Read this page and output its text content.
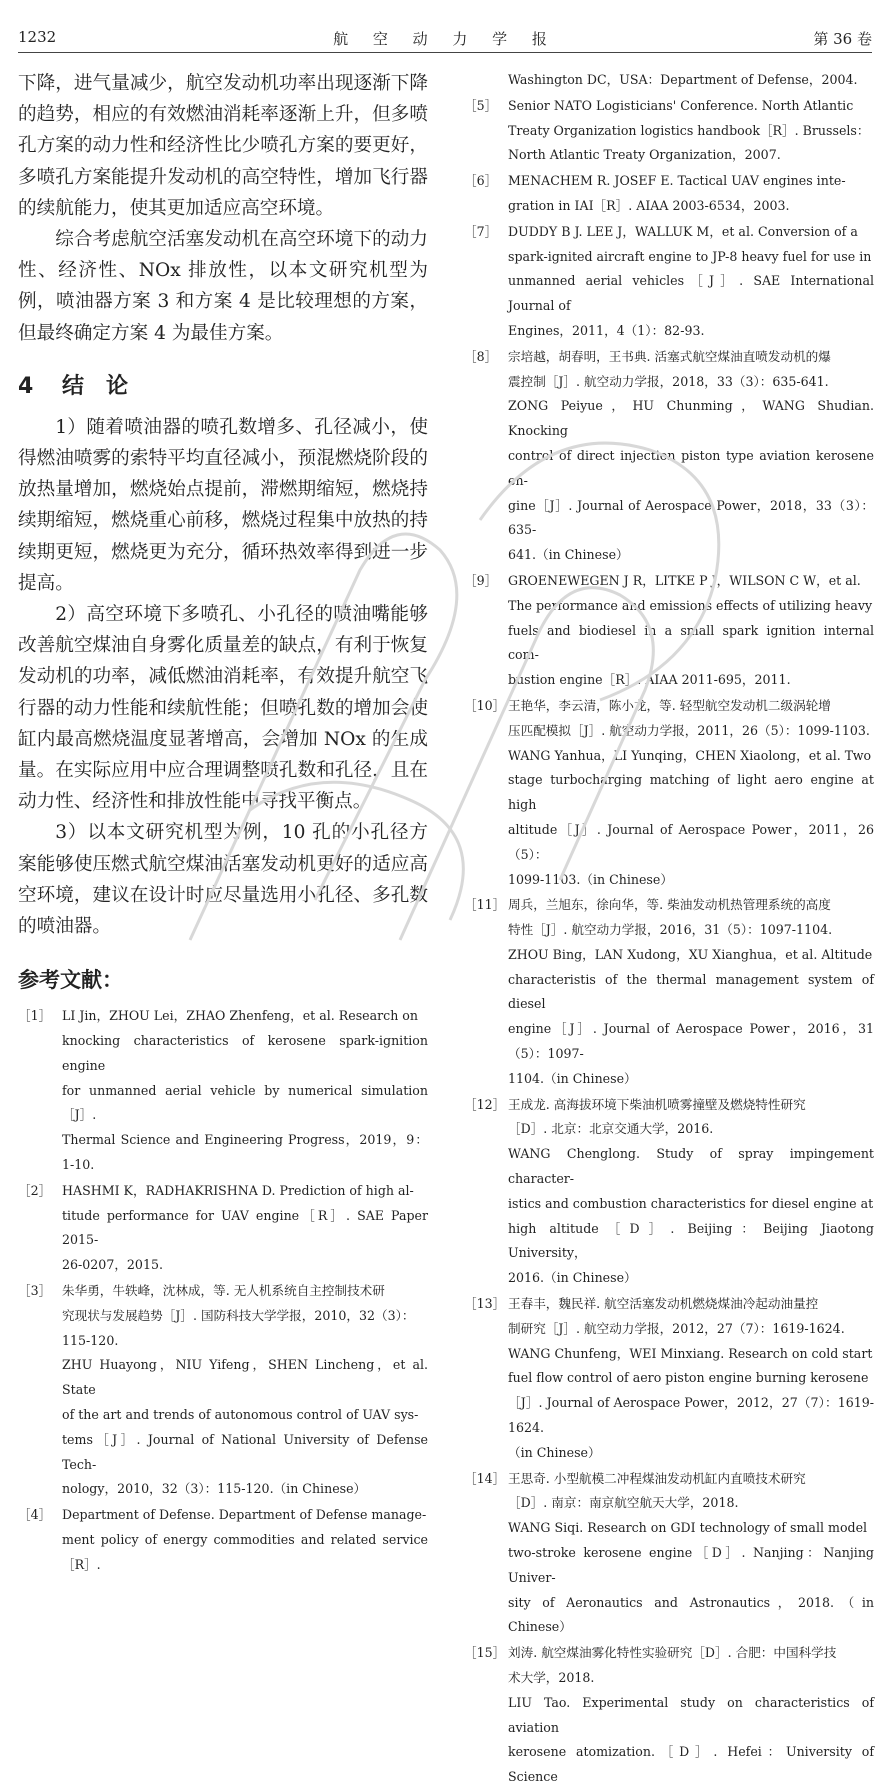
1232	航 空 动 力 学 报	第 36 卷

下降，进气量减少，航空发动机功率出现逐渐下降的趋势，相应的有效燃油消耗率逐渐上升，但多喷孔方案的动力性和经济性比少喷孔方案的要更好，多喷孔方案能提升发动机的高空特性，增加飞行器的续航能力，使其更加适应高空环境。

综合考虑航空活塞发动机在高空环境下的动力性、经济性、NOx 排放性，以本文研究机型为例，喷油器方案 3 和方案 4 是比较理想的方案，但最终确定方案 4 为最佳方案。

4 结　论

1）随着喷油器的喷孔数增多、孔径减小，使得燃油喷雾的索特平均直径减小，预混燃烧阶段的放热量增加，燃烧始点提前，滞燃期缩短，燃烧持续期缩短，燃烧重心前移，燃烧过程集中放热的持续期更短，燃烧更为充分，循环热效率得到进一步提高。

2）高空环境下多喷孔、小孔径的喷油嘴能够改善航空煤油自身雾化质量差的缺点，有利于恢复发动机的功率，减低燃油消耗率，有效提升航空飞行器的动力性能和续航性能；但喷孔数的增加会使缸内最高燃烧温度显著增高，会增加 NOx 的生成量。在实际应用中应合理调整喷孔数和孔径，且在动力性、经济性和排放性能中寻找平衡点。

3）以本文研究机型为例，10 孔的小孔径方案能够使压燃式航空煤油活塞发动机更好的适应高空环境，建议在设计时应尽量选用小孔径、多孔数的喷油器。

参考文献：

［1］ LI Jin，ZHOU Lei，ZHAO Zhenfeng，et al. Research on
knocking characteristics of kerosene spark-ignition engine
for unmanned aerial vehicle by numerical simulation［J］.
Thermal Science and Engineering Progress，2019，9：1-10.

［2］ HASHMI K，RADHAKRISHNA D. Prediction of high al-
titude performance for UAV engine［R］. SAE Paper 2015-
26-0207，2015.

［3］ 朱华勇，牛轶峰，沈林成，等. 无人机系统自主控制技术研
究现状与发展趋势［J］. 国防科技大学学报，2010，32（3）：
115-120.
ZHU Huayong，NIU Yifeng，SHEN Lincheng，et al. State
of the art and trends of autonomous control of UAV sys-
tems［J］. Journal of National University of Defense Tech-
nology，2010，32（3）：115-120.（in Chinese）

［4］ Department of Defense. Department of Defense manage-
ment policy of energy commodities and related service［R］.

Washington DC，USA：Department of Defense，2004.

［5］ Senior NATO Logisticians' Conference. North Atlantic
Treaty Organization logistics handbook［R］. Brussels：
North Atlantic Treaty Organization，2007.

［6］ MENACHEM R. JOSEF E. Tactical UAV engines inte-
gration in IAI［R］. AIAA 2003-6534，2003.

［7］ DUDDY B J. LEE J，WALLUK M，et al. Conversion of a
spark-ignited aircraft engine to JP-8 heavy fuel for use in
unmanned aerial vehicles［J］. SAE International Journal of
Engines，2011，4（1）：82-93.

［8］ 宗培越，胡春明，王书典. 活塞式航空煤油直喷发动机的爆
震控制［J］. 航空动力学报，2018，33（3）：635-641.
ZONG Peiyue，HU Chunming，WANG Shudian. Knocking
control of direct injection piston type aviation kerosene en-
gine［J］. Journal of Aerospace Power，2018，33（3）：635-
641.（in Chinese）

［9］ GROENEWEGEN J R，LITKE P J，WILSON C W，et al.
The performance and emissions effects of utilizing heavy
fuels and biodiesel in a small spark ignition internal com-
bustion engine［R］. AIAA 2011-695，2011.

［10］ 王艳华，李云清，陈小龙，等. 轻型航空发动机二级涡轮增
压匹配模拟［J］. 航空动力学报，2011，26（5）：1099-1103.
WANG Yanhua，LI Yunqing，CHEN Xiaolong，et al. Two
stage turbocharging matching of light aero engine at high
altitude［J］. Journal of Aerospace Power，2011，26（5）：
1099-1103.（in Chinese）

［11］ 周兵，兰旭东，徐向华，等. 柴油发动机热管理系统的高度
特性［J］. 航空动力学报，2016，31（5）：1097-1104.
ZHOU Bing，LAN Xudong，XU Xianghua，et al. Altitude
characteristis of the thermal management system of diesel
engine［J］. Journal of Aerospace Power，2016，31（5）：1097-
1104.（in Chinese）

［12］ 王成龙. 高海拔环境下柴油机喷雾撞壁及燃烧特性研究
［D］. 北京：北京交通大学，2016.
WANG Chenglong. Study of spray impingement character-
istics and combustion characteristics for diesel engine at
high altitude［D］. Beijing：Beijing Jiaotong University，
2016.（in Chinese）

［13］ 王春丰，魏民祥. 航空活塞发动机燃烧煤油冷起动油量控
制研究［J］. 航空动力学报，2012，27（7）：1619-1624.
WANG Chunfeng，WEI Minxiang. Research on cold start
fuel flow control of aero piston engine burning kerosene
［J］. Journal of Aerospace Power，2012，27（7）：1619-1624.
（in Chinese）

［14］ 王思奇. 小型航模二冲程煤油发动机缸内直喷技术研究
［D］. 南京：南京航空航天大学，2018.
WANG Siqi. Research on GDI technology of small model
two-stroke kerosene engine［D］. Nanjing：Nanjing Univer-
sity of Aeronautics and Astronautics，2018.（in Chinese）

［15］ 刘涛. 航空煤油雾化特性实验研究［D］. 合肥：中国科学技
术大学，2018.
LIU Tao. Experimental study on characteristics of aviation
kerosene atomization.［D］. Hefei：University of Science
